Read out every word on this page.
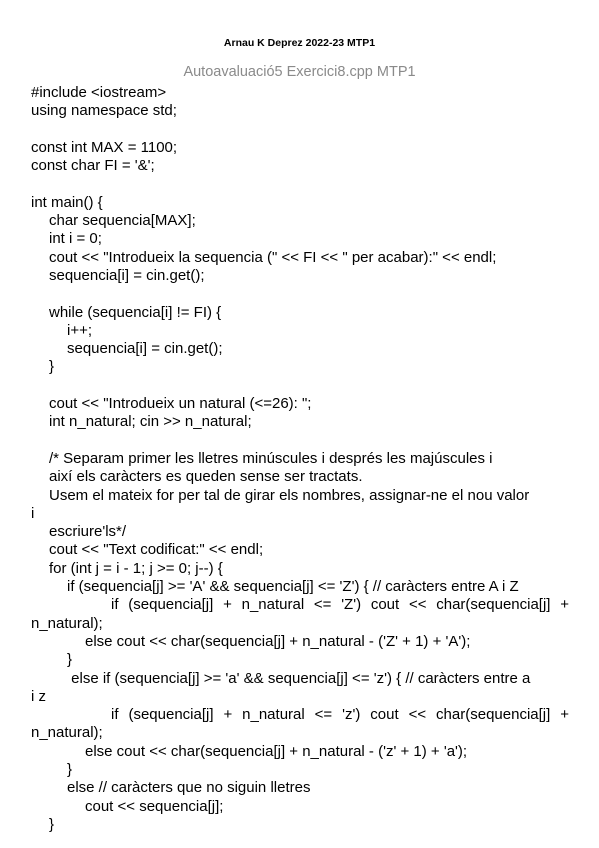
Arnau K Deprez 2022-23 MTP1
Autoavaluació5 Exercici8.cpp MTP1
#include <iostream>
using namespace std;
const int MAX = 1100;
const char FI = '&';
int main() {
char sequencia[MAX];
int i = 0;
cout << "Introdueix la sequencia (" << FI << " per acabar):" << endl;
sequencia[i] = cin.get();
while (sequencia[i] != FI) {
i++;
sequencia[i] = cin.get();
}
cout << "Introdueix un natural (<=26): ";
int n_natural; cin >> n_natural;
/* Separam primer les lletres minúscules i després les majúscules i
així els caràcters es queden sense ser tractats.
Usem el mateix for per tal de girar els nombres, assignar-ne el nou valor
i
escriure'ls*/
cout << "Text codificat:" << endl;
for (int j = i - 1; j >= 0; j--) {
if (sequencia[j] >= 'A' && sequencia[j] <= 'Z') { // caràcters entre A i Z
if (sequencia[j] + n_natural <= 'Z') cout << char(sequencia[j] +
n_natural);
else cout << char(sequencia[j] + n_natural - ('Z' + 1) + 'A');
}
else if (sequencia[j] >= 'a' && sequencia[j] <= 'z') { // caràcters entre a
i z
if (sequencia[j] + n_natural <= 'z') cout << char(sequencia[j] +
n_natural);
else cout << char(sequencia[j] + n_natural - ('z' + 1) + 'a');
}
else // caràcters que no siguin lletres
cout << sequencia[j];
}
